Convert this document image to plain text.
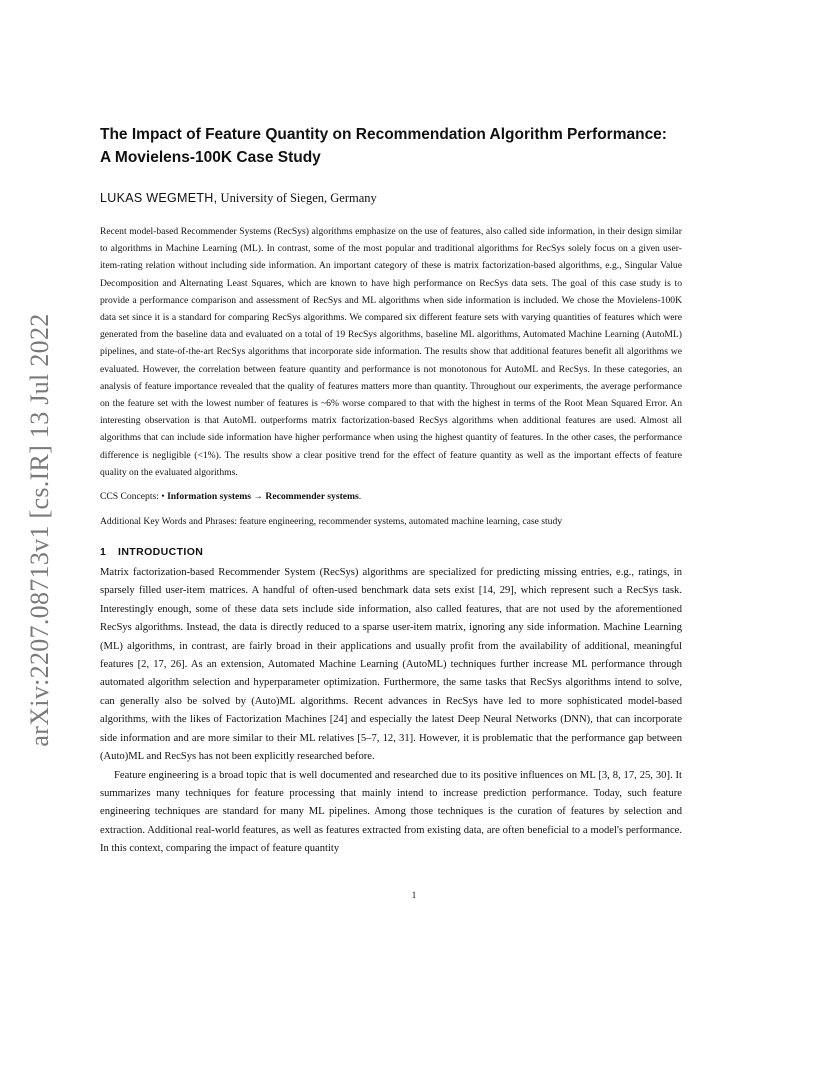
arXiv:2207.08713v1 [cs.IR] 13 Jul 2022
The Impact of Feature Quantity on Recommendation Algorithm Performance:
A Movielens-100K Case Study
LUKAS WEGMETH, University of Siegen, Germany
Recent model-based Recommender Systems (RecSys) algorithms emphasize on the use of features, also called side information, in their design similar to algorithms in Machine Learning (ML). In contrast, some of the most popular and traditional algorithms for RecSys solely focus on a given user-item-rating relation without including side information. An important category of these is matrix factorization-based algorithms, e.g., Singular Value Decomposition and Alternating Least Squares, which are known to have high performance on RecSys data sets. The goal of this case study is to provide a performance comparison and assessment of RecSys and ML algorithms when side information is included. We chose the Movielens-100K data set since it is a standard for comparing RecSys algorithms. We compared six different feature sets with varying quantities of features which were generated from the baseline data and evaluated on a total of 19 RecSys algorithms, baseline ML algorithms, Automated Machine Learning (AutoML) pipelines, and state-of-the-art RecSys algorithms that incorporate side information. The results show that additional features benefit all algorithms we evaluated. However, the correlation between feature quantity and performance is not monotonous for AutoML and RecSys. In these categories, an analysis of feature importance revealed that the quality of features matters more than quantity. Throughout our experiments, the average performance on the feature set with the lowest number of features is ~6% worse compared to that with the highest in terms of the Root Mean Squared Error. An interesting observation is that AutoML outperforms matrix factorization-based RecSys algorithms when additional features are used. Almost all algorithms that can include side information have higher performance when using the highest quantity of features. In the other cases, the performance difference is negligible (<1%). The results show a clear positive trend for the effect of feature quantity as well as the important effects of feature quality on the evaluated algorithms.
CCS Concepts: • Information systems → Recommender systems.
Additional Key Words and Phrases: feature engineering, recommender systems, automated machine learning, case study
1 INTRODUCTION

Matrix factorization-based Recommender System (RecSys) algorithms are specialized for predicting missing entries, e.g., ratings, in sparsely filled user-item matrices. A handful of often-used benchmark data sets exist [14, 29], which represent such a RecSys task. Interestingly enough, some of these data sets include side information, also called features, that are not used by the aforementioned RecSys algorithms. Instead, the data is directly reduced to a sparse user-item matrix, ignoring any side information. Machine Learning (ML) algorithms, in contrast, are fairly broad in their applications and usually profit from the availability of additional, meaningful features [2, 17, 26]. As an extension, Automated Machine Learning (AutoML) techniques further increase ML performance through automated algorithm selection and hyperparameter optimization. Furthermore, the same tasks that RecSys algorithms intend to solve, can generally also be solved by (Auto)ML algorithms. Recent advances in RecSys have led to more sophisticated model-based algorithms, with the likes of Factorization Machines [24] and especially the latest Deep Neural Networks (DNN), that can incorporate side information and are more similar to their ML relatives [5–7, 12, 31]. However, it is problematic that the performance gap between (Auto)ML and RecSys has not been explicitly researched before.

Feature engineering is a broad topic that is well documented and researched due to its positive influences on ML [3, 8, 17, 25, 30]. It summarizes many techniques for feature processing that mainly intend to increase prediction performance. Today, such feature engineering techniques are standard for many ML pipelines. Among those techniques is the curation of features by selection and extraction. Additional real-world features, as well as features extracted from existing data, are often beneficial to a model's performance. In this context, comparing the impact of feature quantity

1
